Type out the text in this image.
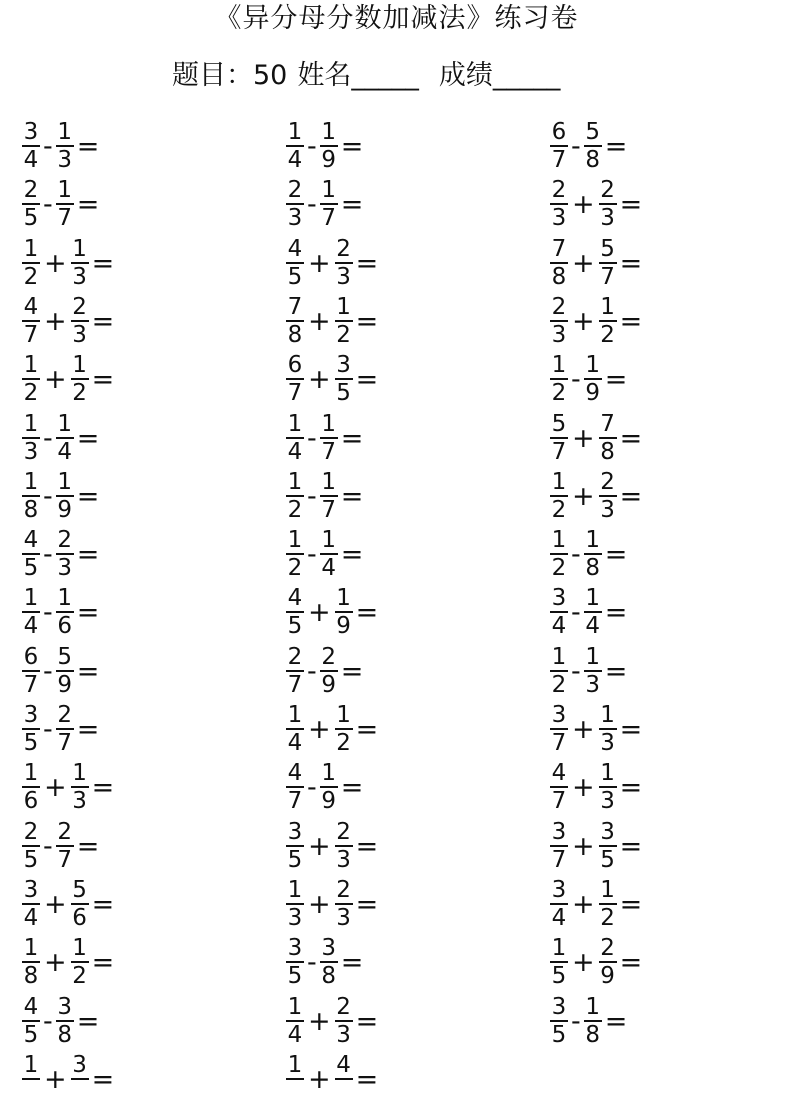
《异分母分数加减法》练习卷
题目：50 姓名_____ 成绩_____
$\frac{3}{4} - \frac{1}{3}$ =
$\frac{2}{5} - \frac{1}{7}$ =
$\frac{1}{2} + \frac{1}{3}$ =
$\frac{4}{7} + \frac{2}{3}$ =
$\frac{1}{2} + \frac{1}{2}$ =
$\frac{1}{3} - \frac{1}{4}$ =
$\frac{1}{8} - \frac{1}{9}$ =
$\frac{4}{5} - \frac{2}{3}$ =
$\frac{1}{4} - \frac{1}{6}$ =
$\frac{6}{7} - \frac{5}{9}$ =
$\frac{3}{5} - \frac{2}{7}$ =
$\frac{1}{6} + \frac{1}{3}$ =
$\frac{2}{5} - \frac{2}{7}$ =
$\frac{3}{4} + \frac{5}{6}$ =
$\frac{1}{8} + \frac{1}{2}$ =
$\frac{4}{5} - \frac{3}{8}$ =
1 + 3 =
$\frac{1}{4} - \frac{1}{9}$ =
$\frac{2}{3} - \frac{1}{7}$ =
$\frac{4}{5} + \frac{2}{3}$ =
$\frac{7}{8} + \frac{1}{2}$ =
$\frac{6}{7} + \frac{3}{5}$ =
$\frac{1}{4} - \frac{1}{7}$ =
$\frac{1}{2} - \frac{1}{7}$ =
$\frac{1}{2} - \frac{1}{4}$ =
$\frac{4}{5} + \frac{1}{9}$ =
$\frac{2}{7} - \frac{2}{9}$ =
$\frac{1}{4} + \frac{1}{2}$ =
$\frac{4}{7} - \frac{1}{9}$ =
$\frac{3}{5} + \frac{2}{3}$ =
$\frac{1}{3} + \frac{2}{3}$ =
$\frac{3}{5} - \frac{3}{8}$ =
$\frac{1}{4} + \frac{2}{3}$ =
1 + 4 =
$\frac{6}{7} - \frac{5}{8}$ =
$\frac{2}{3} + \frac{2}{3}$ =
$\frac{7}{8} + \frac{5}{7}$ =
$\frac{2}{3} + \frac{1}{2}$ =
$\frac{1}{2} - \frac{1}{9}$ =
$\frac{5}{7} + \frac{7}{8}$ =
$\frac{1}{2} + \frac{2}{3}$ =
$\frac{1}{2} - \frac{1}{8}$ =
$\frac{3}{4} - \frac{1}{4}$ =
$\frac{1}{2} - \frac{1}{3}$ =
$\frac{3}{7} + \frac{1}{3}$ =
$\frac{4}{7} + \frac{1}{3}$ =
$\frac{3}{7} + \frac{3}{5}$ =
$\frac{3}{4} + \frac{1}{2}$ =
$\frac{1}{5} + \frac{2}{9}$ =
$\frac{3}{5} - \frac{1}{8}$ =
